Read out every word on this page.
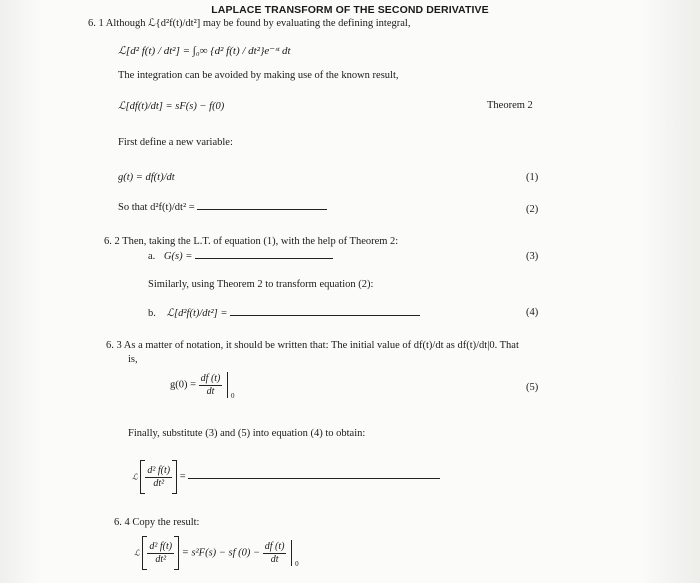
LAPLACE TRANSFORM OF THE SECOND DERIVATIVE
6. 1 Although ℒ{d²f(t)/dt²] may be found by evaluating the defining integral,
ℒ[d² f(t) / dt²] = ∫₀∞ {d² f(t) / dt²}e⁻ˢᵗ dt
The integration can be avoided by making use of the known result,
ℒ[df(t)/dt] = sF(s) − f(0)	Theorem 2
First define a new variable:
g(t) = df(t)/dt	(1)
So that d²f(t)/dt² =	(2)
6. 2 Then, taking the L.T. of equation (1), with the help of Theorem 2:
a. G(s) =	(3)
Similarly, using Theorem 2 to transform equation (2):
b. ℒ[d²f(t)/dt²] =	(4)
6. 3 As a matter of notation, it should be written that: The initial value of df(t)/dt as df(t)/dt|0. That
is,
$g(0) = \frac{df (t)}{dt}$
0
(5)
Finally, substitute (3) and (5) into equation (4) to obtain:
ℒ $\frac{\text{d² f(t)}}{\text{dt²}}$ =
6. 4 Copy the result:
ℒ $\frac{\text{d² f(t)}}{\text{dt²}} = s^2F(s)$ − sf $(0) - \frac{df (t)}{dt}$
0
